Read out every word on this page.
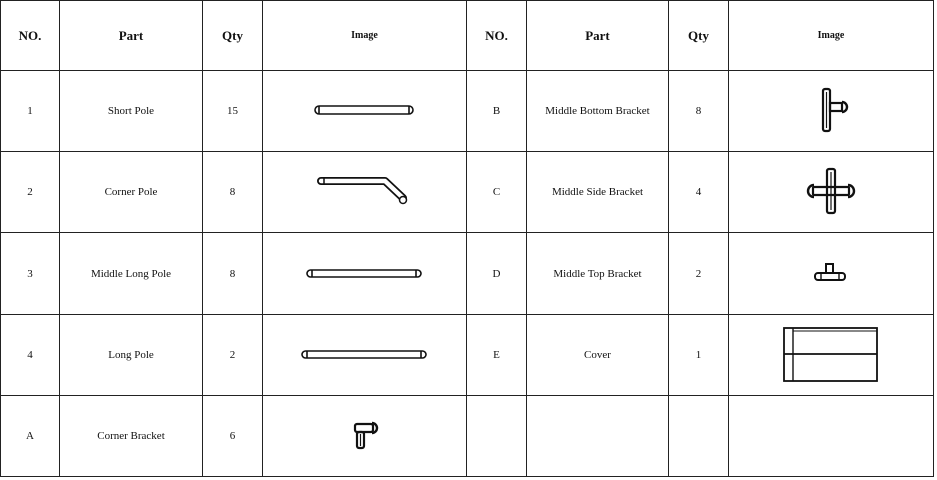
NO.	Part	Qty	Image	NO.	Part	Qty	Image
1	Short Pole	15		B	Middle Bottom Bracket	8	

2	Corner Pole	8		C	Middle Side Bracket	4	

3	Middle Long Pole	8		D	Middle Top Bracket	2	

4	Long Pole	2		E	Cover	1	

A	Corner Bracket	6	
